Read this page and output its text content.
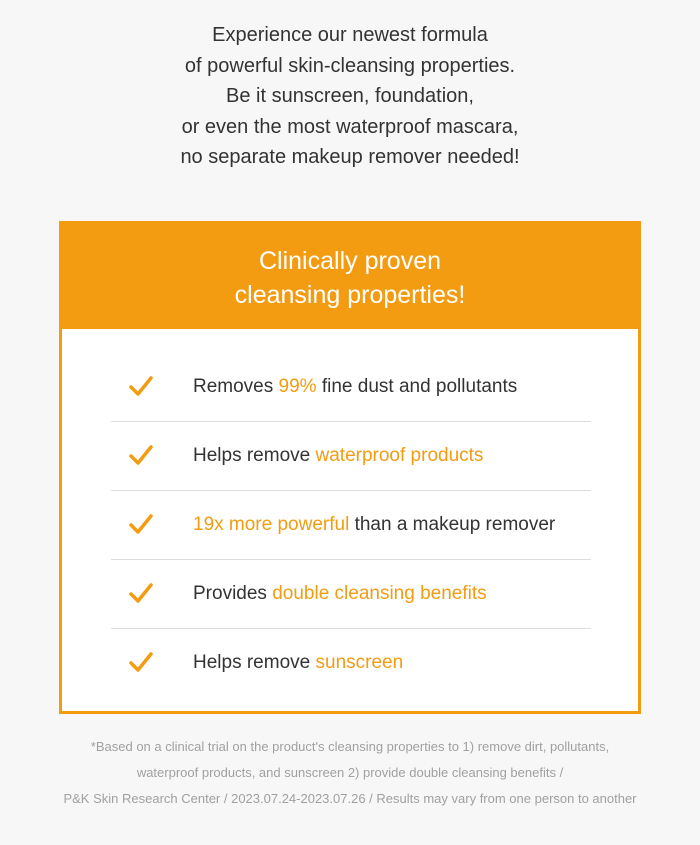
Experience our newest formula
of powerful skin-cleansing properties.
Be it sunscreen, foundation,
or even the most waterproof mascara,
no separate makeup remover needed!
Clinically proven
cleansing properties!
Removes 99% fine dust and pollutants
Helps remove waterproof products
19x more powerful than a makeup remover
Provides double cleansing benefits
Helps remove sunscreen
*Based on a clinical trial on the product's cleansing properties to 1) remove dirt, pollutants,
waterproof products, and sunscreen 2) provide double cleansing benefits /
P&K Skin Research Center / 2023.07.24-2023.07.26 / Results may vary from one person to another
